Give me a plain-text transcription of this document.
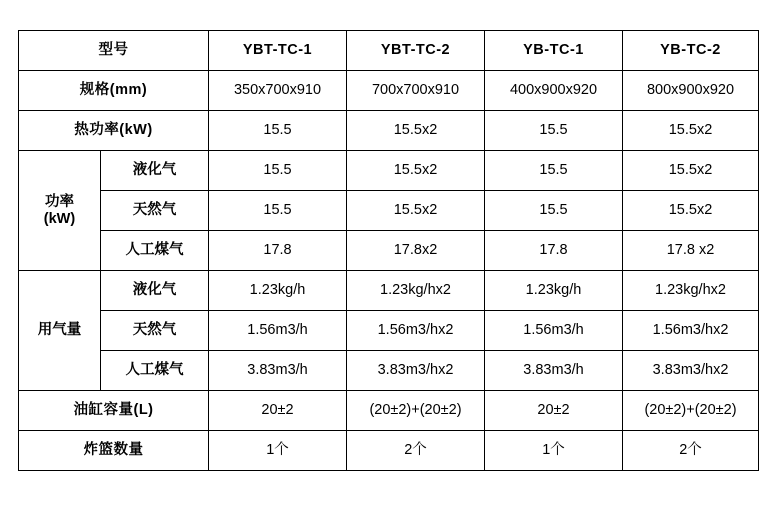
型号		YBT-TC-1	YBT-TC-2	YB-TC-1	YB-TC-2
规格(mm)		350x700x910	700x700x910	400x900x920	800x900x920
热功率(kW)		15.5	15.5x2	15.5	15.5x2

功率
(kW)	液化气	15.5	15.5x2	15.5	15.5x2
	天然气	15.5	15.5x2	15.5	15.5x2
	人工煤气	17.8	17.8x2	17.8	17.8 x2
用气量	液化气	1.23kg/h	1.23kg/hx2	1.23kg/h	1.23kg/hx2
	天然气	1.56m3/h	1.56m3/hx2	1.56m3/h	1.56m3/hx2
	人工煤气	3.83m3/h	3.83m3/hx2	3.83m3/h	3.83m3/hx2
油缸容量(L)		20±2	(20±2)+(20±2)	20±2	(20±2)+(20±2)
炸篮数量		1个	2个	1个	2个
